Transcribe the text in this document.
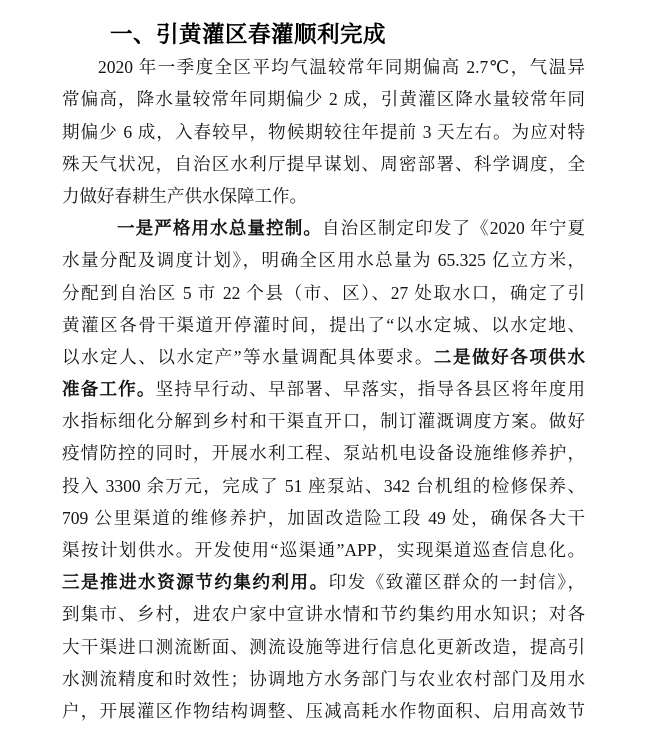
一、引黄灌区春灌顺利完成
2020 年一季度全区平均气温较常年同期偏高 2.7℃，气温异
常偏高，降水量较常年同期偏少 2 成，引黄灌区降水量较常年同
期偏少 6 成，入春较早，物候期较往年提前 3 天左右。为应对特
殊天气状况，自治区水利厅提早谋划、周密部署、科学调度，全
力做好春耕生产供水保障工作。
一是严格用水总量控制。自治区制定印发了《2020 年宁夏
水量分配及调度计划》，明确全区用水总量为 65.325 亿立方米，
分配到自治区 5 市 22 个县（市、区）、27 处取水口，确定了引
黄灌区各骨干渠道开停灌时间，提出了“以水定城、以水定地、
以水定人、以水定产”等水量调配具体要求。二是做好各项供水
准备工作。坚持早行动、早部署、早落实，指导各县区将年度用
水指标细化分解到乡村和干渠直开口，制订灌溉调度方案。做好
疫情防控的同时，开展水利工程、泵站机电设备设施维修养护，
投入 3300 余万元，完成了 51 座泵站、342 台机组的检修保养、
709 公里渠道的维修养护，加固改造险工段 49 处，确保各大干
渠按计划供水。开发使用“巡渠通”APP，实现渠道巡查信息化。
三是推进水资源节约集约利用。印发《致灌区群众的一封信》，
到集市、乡村，进农户家中宣讲水情和节约集约用水知识；对各
大干渠进口测流断面、测流设施等进行信息化更新改造，提高引
水测流精度和时效性；协调地方水务部门与农业农村部门及用水
户，开展灌区作物结构调整、压减高耗水作物面积、启用高效节
